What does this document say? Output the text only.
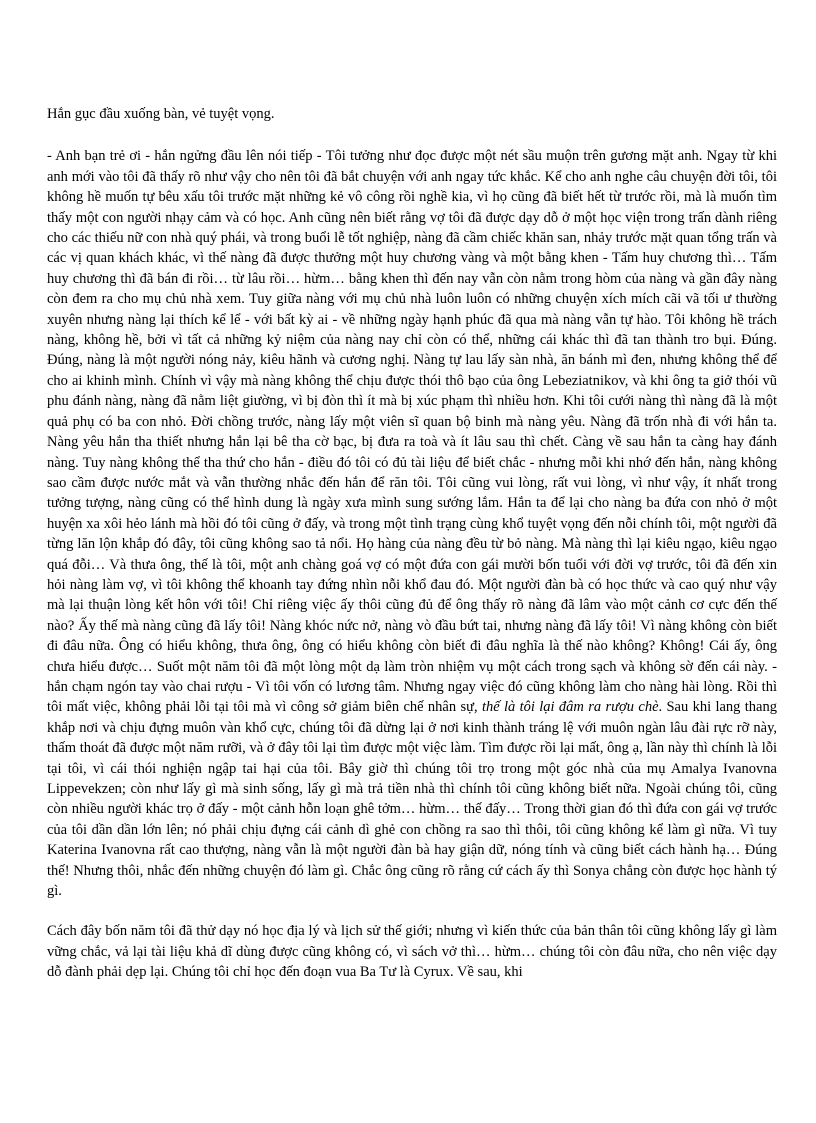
Hắn gục đầu xuống bàn, vẻ tuyệt vọng.

- Anh bạn trẻ ơi - hắn ngửng đầu lên nói tiếp - Tôi tưởng như đọc được một nét sầu muộn trên gương mặt anh. Ngay từ khi anh mới vào tôi đã thấy rõ như vậy cho nên tôi đã bắt chuyện với anh ngay tức khắc. Kể cho anh nghe câu chuyện đời tôi, tôi không hề muốn tự bêu xấu tôi trước mặt những kẻ vô công rồi nghề kia, vì họ cũng đã biết hết từ trước rồi, mà là muốn tìm thấy một con người nhạy cảm và có học. Anh cũng nên biết rằng vợ tôi đã được dạy dỗ ở một học viện trong trấn dành riêng cho các thiếu nữ con nhà quý phái, và trong buổi lễ tốt nghiệp, nàng đã cầm chiếc khăn san, nhảy trước mặt quan tổng trấn và các vị quan khách khác, vì thế nàng đã được thưởng một huy chương vàng và một bằng khen - Tấm huy chương thì… Tấm huy chương thì đã bán đi rồi… từ lâu rồi… hừm… bằng khen thì đến nay vẫn còn nằm trong hòm của nàng và gần đây nàng còn đem ra cho mụ chủ nhà xem. Tuy giữa nàng với mụ chủ nhà luôn luôn có những chuyện xích mích cãi vã tối ư thường xuyên nhưng nàng lại thích kể lể - với bất kỳ ai - về những ngày hạnh phúc đã qua mà nàng vẫn tự hào. Tôi không hề trách nàng, không hề, bởi vì tất cả những kỷ niệm của nàng nay chỉ còn có thể, những cái khác thì đã tan thành tro bụi. Đúng. Đúng, nàng là một người nóng nảy, kiêu hãnh và cương nghị. Nàng tự lau lấy sàn nhà, ăn bánh mì đen, nhưng không thể để cho ai khinh mình. Chính vì vậy mà nàng không thể chịu được thói thô bạo của ông Lebeziatnikov, và khi ông ta giở thói vũ phu đánh nàng, nàng đã nằm liệt giường, vì bị đòn thì ít mà bị xúc phạm thì nhiều hơn. Khi tôi cưới nàng thì nàng đã là một quả phụ có ba con nhỏ. Đời chồng trước, nàng lấy một viên sĩ quan bộ binh mà nàng yêu. Nàng đã trốn nhà đi với hắn ta. Nàng yêu hắn tha thiết nhưng hắn lại bê tha cờ bạc, bị đưa ra toà và ít lâu sau thì chết. Càng về sau hắn ta càng hay đánh nàng. Tuy nàng không thể tha thứ cho hắn - điều đó tôi có đủ tài liệu để biết chắc - nhưng mỗi khi nhớ đến hắn, nàng không sao cầm được nước mắt và vẫn thường nhắc đến hắn để răn tôi. Tôi cũng vui lòng, rất vui lòng, vì như vậy, ít nhất trong tưởng tượng, nàng cũng có thể hình dung là ngày xưa mình sung sướng lắm. Hắn ta để lại cho nàng ba đứa con nhỏ ở một huyện xa xôi hẻo lánh mà hồi đó tôi cũng ở đấy, và trong một tình trạng cùng khổ tuyệt vọng đến nỗi chính tôi, một người đã từng lăn lộn khắp đó đây, tôi cũng không sao tả nổi. Họ hàng của nàng đều từ bỏ nàng. Mà nàng thì lại kiêu ngạo, kiêu ngạo quá đỗi… Và thưa ông, thế là tôi, một anh chàng goá vợ có một đứa con gái mười bốn tuổi với đời vợ trước, tôi đã đến xin hỏi nàng làm vợ, vì tôi không thể khoanh tay đứng nhìn nỗi khổ đau đó. Một người đàn bà có học thức và cao quý như vậy mà lại thuận lòng kết hôn với tôi! Chỉ riêng việc ấy thôi cũng đủ để ông thấy rõ nàng đã lâm vào một cảnh cơ cực đến thế nào? Ấy thế mà nàng cũng đã lấy tôi! Nàng khóc nức nở, nàng vò đầu bứt tai, nhưng nàng đã lấy tôi! Vì nàng không còn biết đi đâu nữa. Ông có hiểu không, thưa ông, ông có hiểu không còn biết đi đâu nghĩa là thế nào không? Không! Cái ấy, ông chưa hiểu được… Suốt một năm tôi đã một lòng một dạ làm tròn nhiệm vụ một cách trong sạch và không sờ đến cái này. - hắn chạm ngón tay vào chai rượu - Vì tôi vốn có lương tâm. Nhưng ngay việc đó cũng không làm cho nàng hài lòng. Rồi thì tôi mất việc, không phải lỗi tại tôi mà vì công sở giảm biên chế nhân sự, thế là tôi lại đâm ra rượu chè. Sau khi lang thang khắp nơi và chịu đựng muôn vàn khổ cực, chúng tôi đã dừng lại ở nơi kinh thành tráng lệ với muôn ngàn lâu đài rực rỡ này, thấm thoát đã được một năm rưỡi, và ở đây tôi lại tìm được một việc làm. Tìm được rồi lại mất, ông ạ, lần này thì chính là lỗi tại tôi, vì cái thói nghiện ngập tai hại của tôi. Bây giờ thì chúng tôi trọ trong một góc nhà của mụ Amalya Ivanovna Lippevekzen; còn như lấy gì mà sinh sống, lấy gì mà trả tiền nhà thì chính tôi cũng không biết nữa. Ngoài chúng tôi, cũng còn nhiều người khác trọ ở đấy - một cảnh hỗn loạn ghê tởm… hừm… thế đấy… Trong thời gian đó thì đứa con gái vợ trước của tôi dần dần lớn lên; nó phải chịu đựng cái cảnh dì ghẻ con chồng ra sao thì thôi, tôi cũng không kể làm gì nữa. Vì tuy Katerina Ivanovna rất cao thượng, nàng vẫn là một người đàn bà hay giận dữ, nóng tính và cũng biết cách hành hạ… Đúng thế! Nhưng thôi, nhắc đến những chuyện đó làm gì. Chắc ông cũng rõ rằng cứ cách ấy thì Sonya chẳng còn được học hành tý gì.

Cách đây bốn năm tôi đã thử dạy nó học địa lý và lịch sử thế giới; nhưng vì kiến thức của bản thân tôi cũng không lấy gì làm vững chắc, vả lại tài liệu khả dĩ dùng được cũng không có, vì sách vở thì… hừm… chúng tôi còn đâu nữa, cho nên việc dạy dỗ đành phải dẹp lại. Chúng tôi chỉ học đến đoạn vua Ba Tư là Cyrux. Về sau, khi
